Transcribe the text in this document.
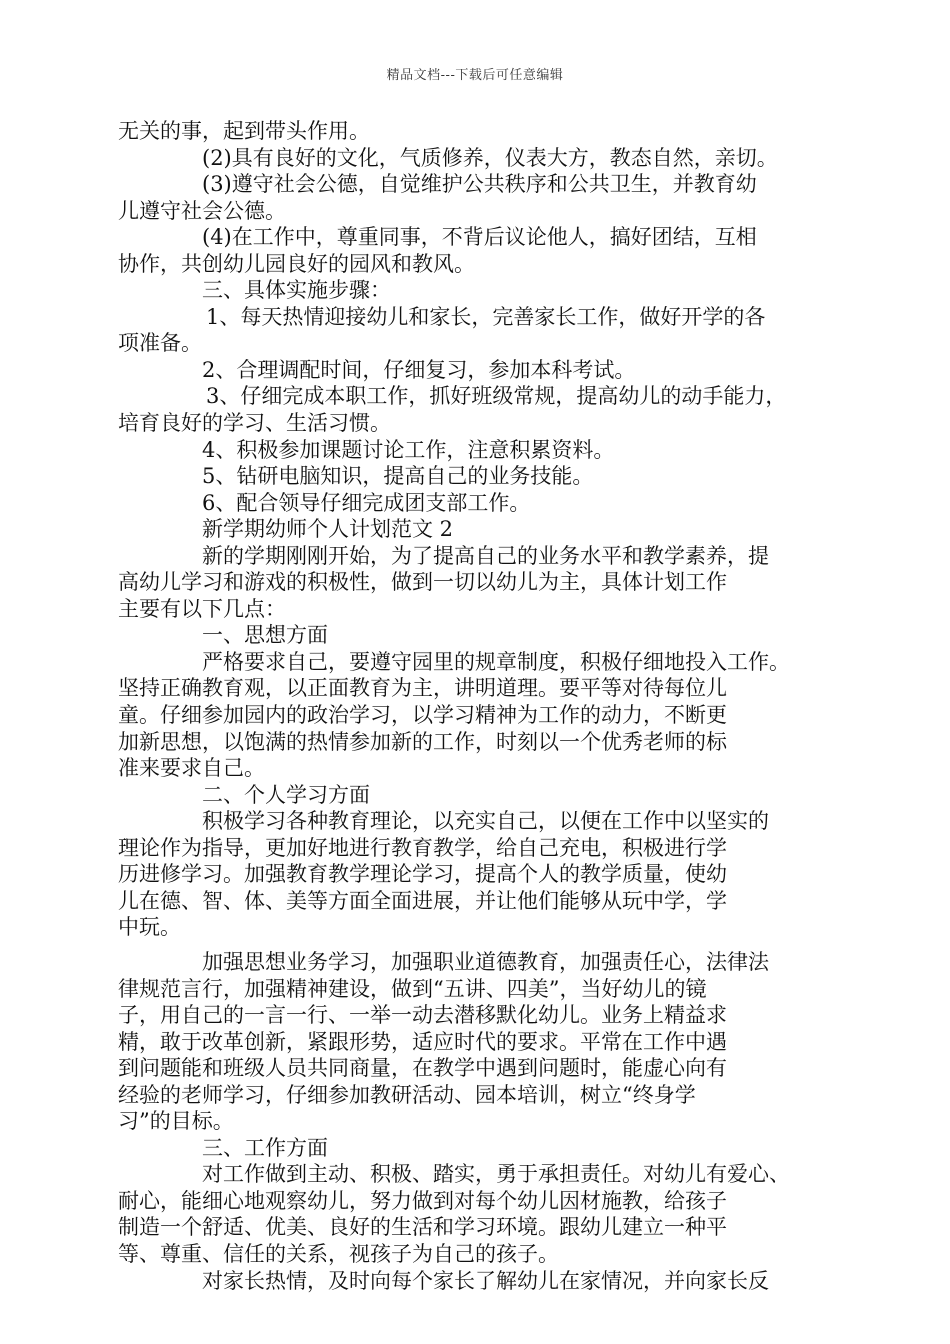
精品文档---下载后可任意编辑
无关的事，起到带头作用。
(2)具有良好的文化，气质修养，仪表大方，教态自然，亲切。
(3)遵守社会公德，自觉维护公共秩序和公共卫生，并教育幼
儿遵守社会公德。
(4)在工作中，尊重同事，不背后议论他人，搞好团结，互相
协作，共创幼儿园良好的园风和教风。
三、具体实施步骤：
1、每天热情迎接幼儿和家长，完善家长工作，做好开学的各
项准备。
2、合理调配时间，仔细复习，参加本科考试。
3、仔细完成本职工作，抓好班级常规，提高幼儿的动手能力，
培育良好的学习、生活习惯。
4、积极参加课题讨论工作，注意积累资料。
5、钻研电脑知识，提高自己的业务技能。
6、配合领导仔细完成团支部工作。
新学期幼师个人计划范文 2
新的学期刚刚开始，为了提高自己的业务水平和教学素养，提
高幼儿学习和游戏的积极性，做到一切以幼儿为主，具体计划工作
主要有以下几点：
一、思想方面
严格要求自己，要遵守园里的规章制度，积极仔细地投入工作。
坚持正确教育观，以正面教育为主，讲明道理。要平等对待每位儿
童。仔细参加园内的政治学习，以学习精神为工作的动力，不断更
加新思想，以饱满的热情参加新的工作，时刻以一个优秀老师的标
准来要求自己。
二、个人学习方面
积极学习各种教育理论，以充实自己，以便在工作中以坚实的
理论作为指导，更加好地进行教育教学，给自己充电，积极进行学
历进修学习。加强教育教学理论学习，提高个人的教学质量，使幼
儿在德、智、体、美等方面全面进展，并让他们能够从玩中学，学
中玩。
加强思想业务学习，加强职业道德教育，加强责任心，法律法
律规范言行，加强精神建设，做到“五讲、四美”，当好幼儿的镜
子，用自己的一言一行、一举一动去潜移默化幼儿。业务上精益求
精，敢于改革创新，紧跟形势，适应时代的要求。平常在工作中遇
到问题能和班级人员共同商量，在教学中遇到问题时，能虚心向有
经验的老师学习，仔细参加教研活动、园本培训，树立“终身学
习”的目标。
三、工作方面
对工作做到主动、积极、踏实，勇于承担责任。对幼儿有爱心、
耐心，能细心地观察幼儿，努力做到对每个幼儿因材施教，给孩子
制造一个舒适、优美、良好的生活和学习环境。跟幼儿建立一种平
等、尊重、信任的关系，视孩子为自己的孩子。
对家长热情，及时向每个家长了解幼儿在家情况，并向家长反
